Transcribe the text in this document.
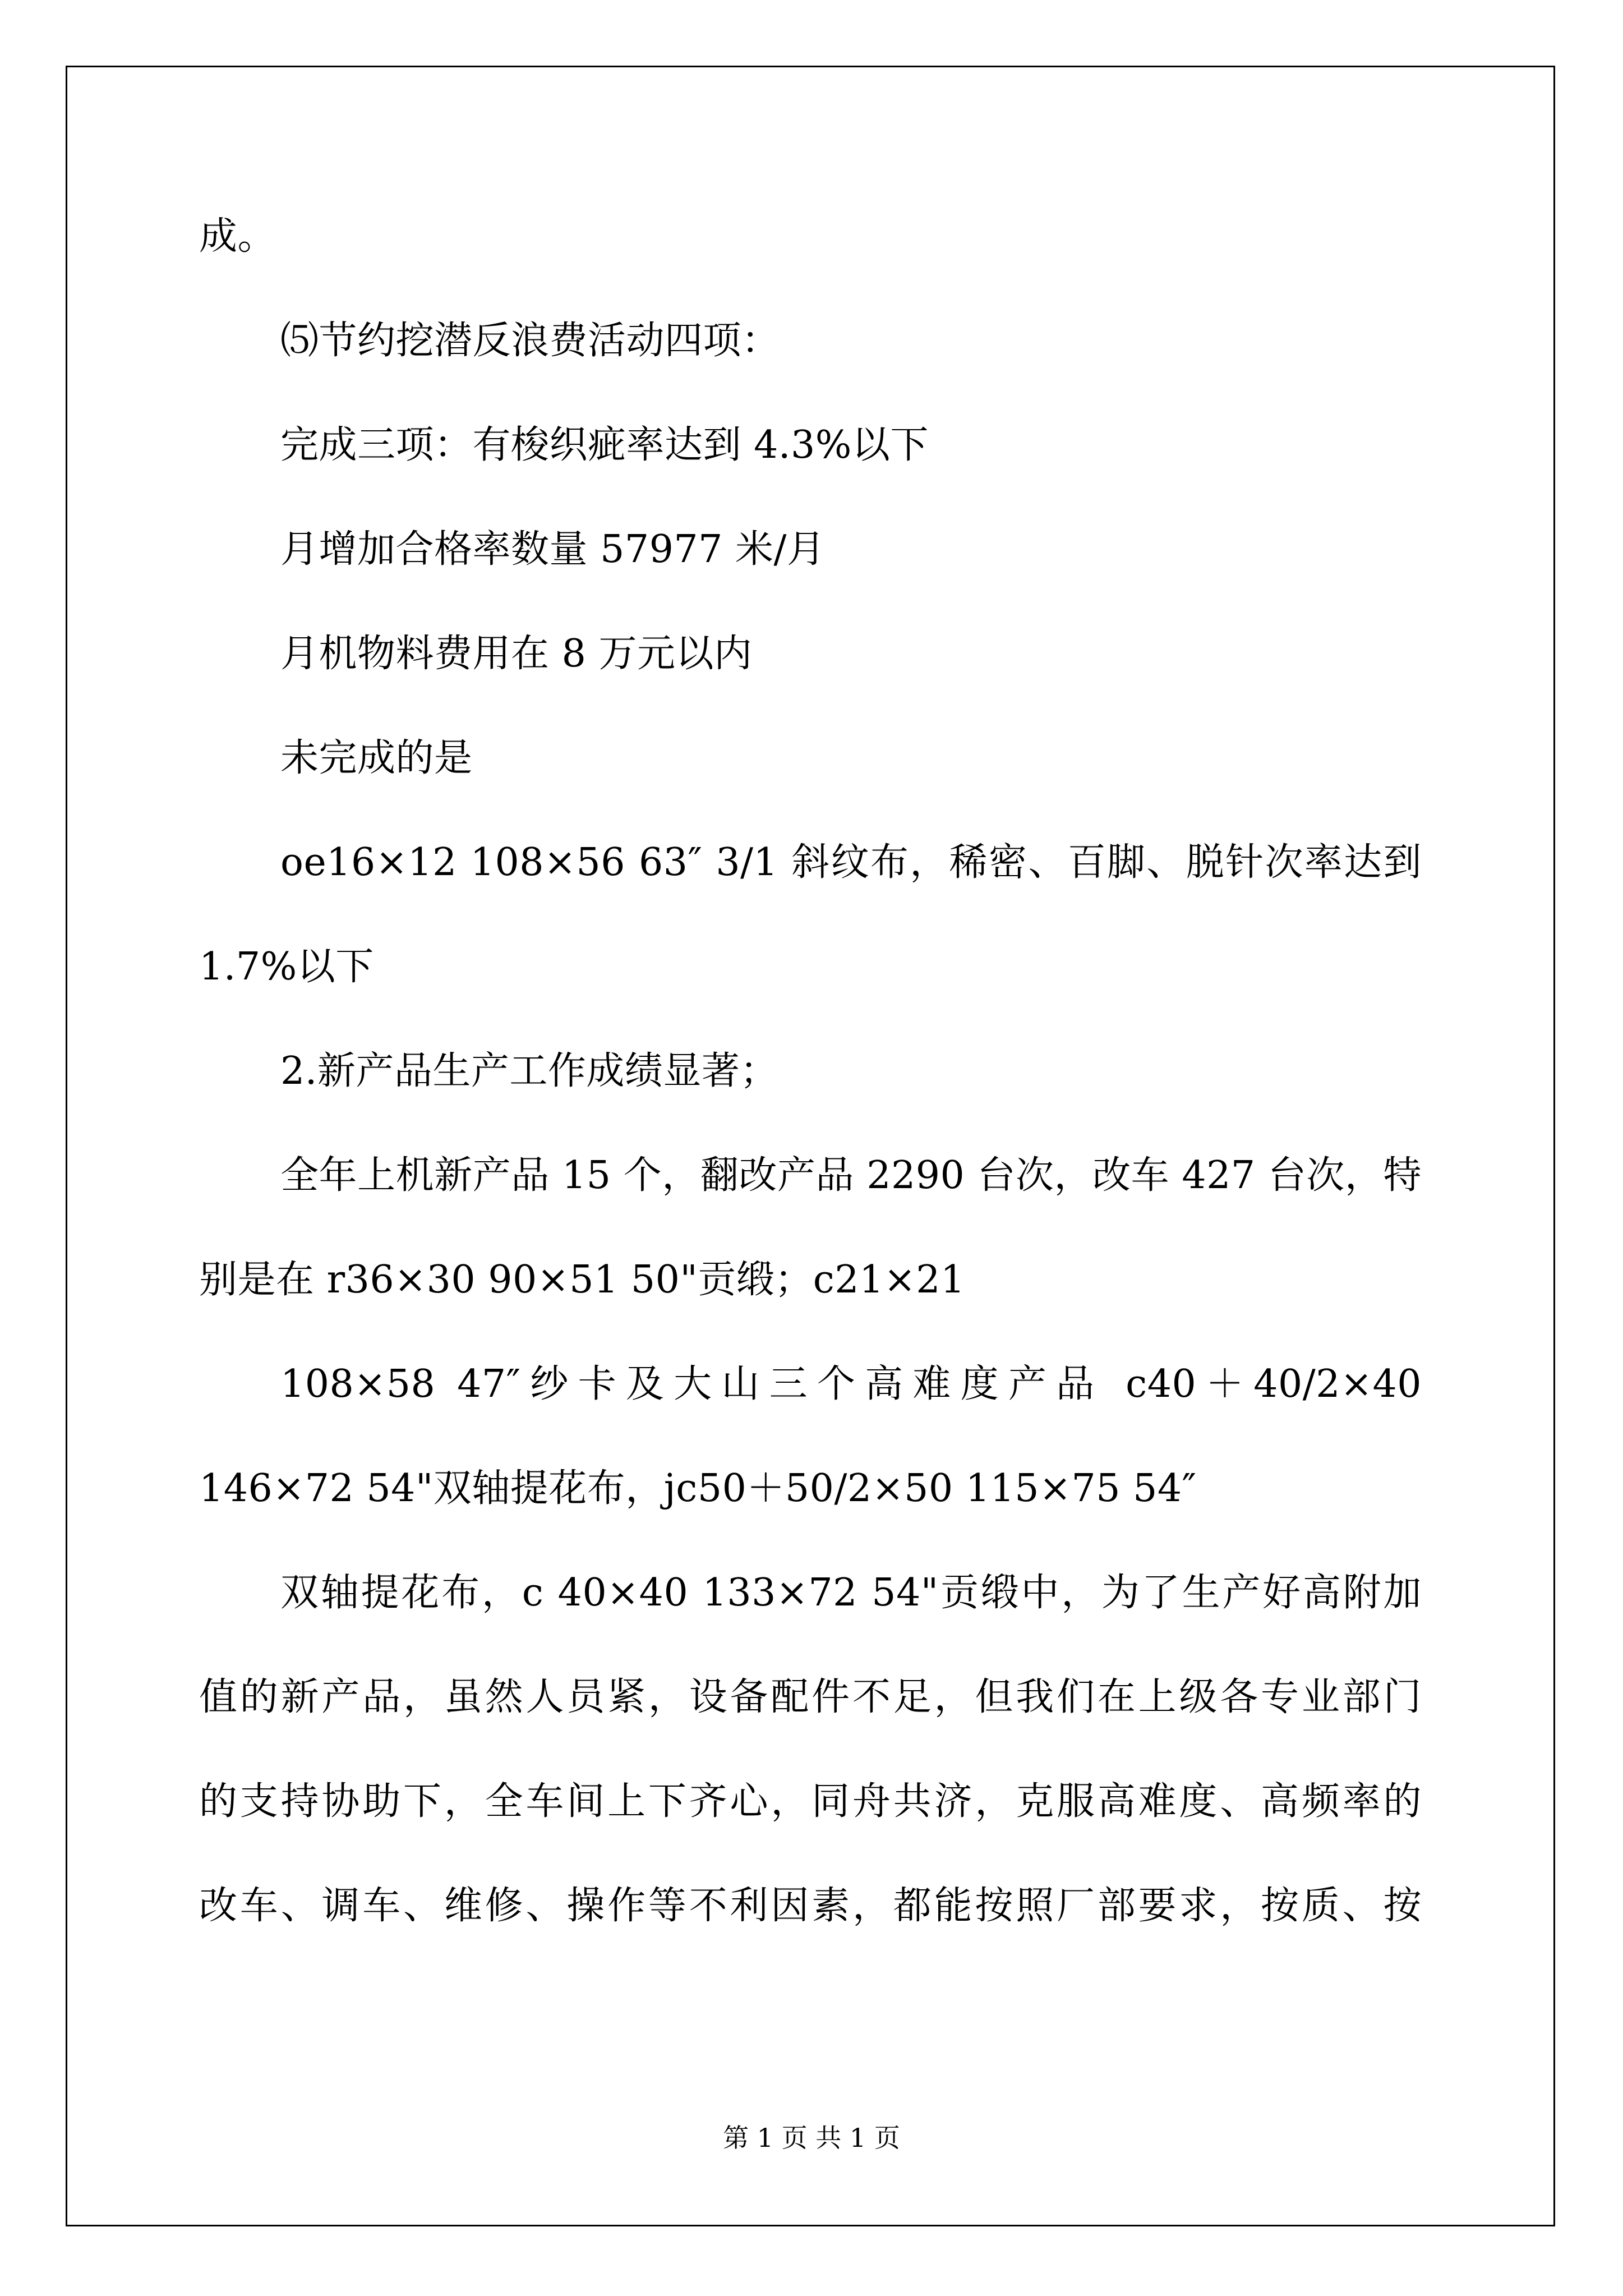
成。
⑸节约挖潜反浪费活动四项：
完成三项：有梭织疵率达到 4.3%以下
月增加合格率数量 57977 米/月
月机物料费用在 8 万元以内
未完成的是
oe16×12 108×56 63″ 3/1 斜纹布，稀密、百脚、脱针次率达到
1.7%以下
2.新产品生产工作成绩显著；
全年上机新产品 15 个，翻改产品 2290 台次，改车 427 台次，特
别是在 r36×30 90×51 50"贡缎；c21×21
108×58 47″纱卡及大山三个高难度产品 c40＋40/2×40
146×72 54"双轴提花布，jc50＋50/2×50 115×75 54″
双轴提花布，c 40×40 133×72 54"贡缎中，为了生产好高附加
值的新产品，虽然人员紧，设备配件不足，但我们在上级各专业部门
的支持协助下，全车间上下齐心，同舟共济，克服高难度、高频率的
改车、调车、维修、操作等不利因素，都能按照厂部要求，按质、按
第 1 页 共 1 页
